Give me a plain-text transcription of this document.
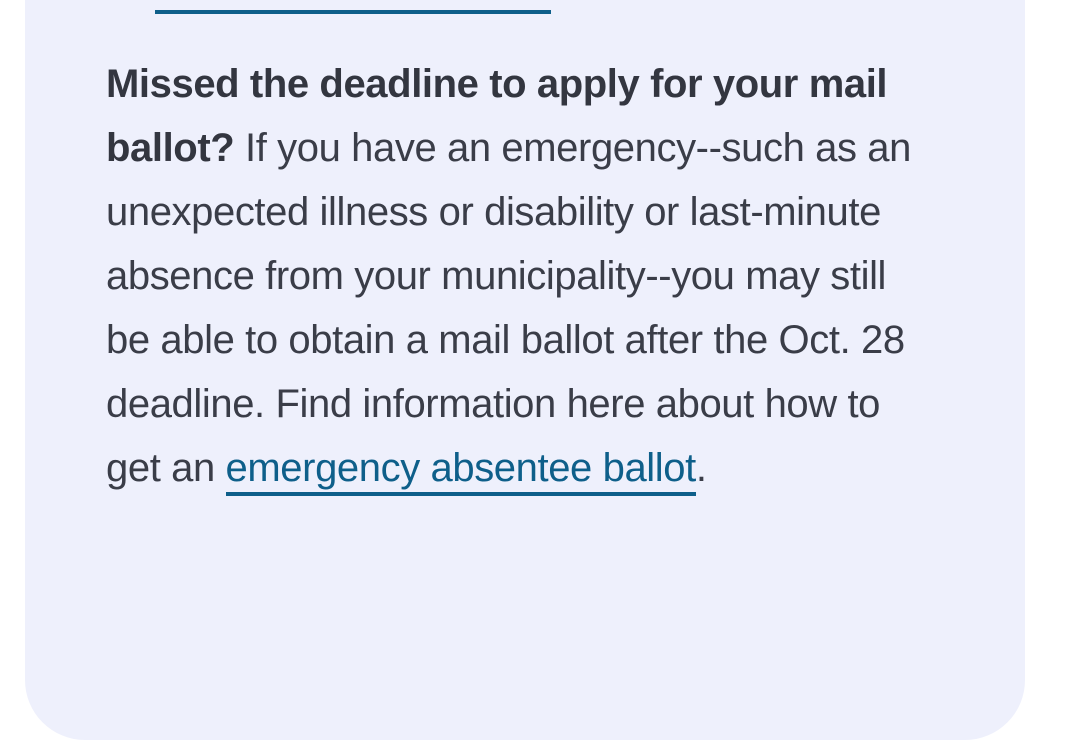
Missed the deadline to apply for your mail ballot? If you have an emergency--such as an unexpected illness or disability or last-minute absence from your municipality--you may still be able to obtain a mail ballot after the Oct. 28 deadline. Find information here about how to get an emergency absentee ballot.
